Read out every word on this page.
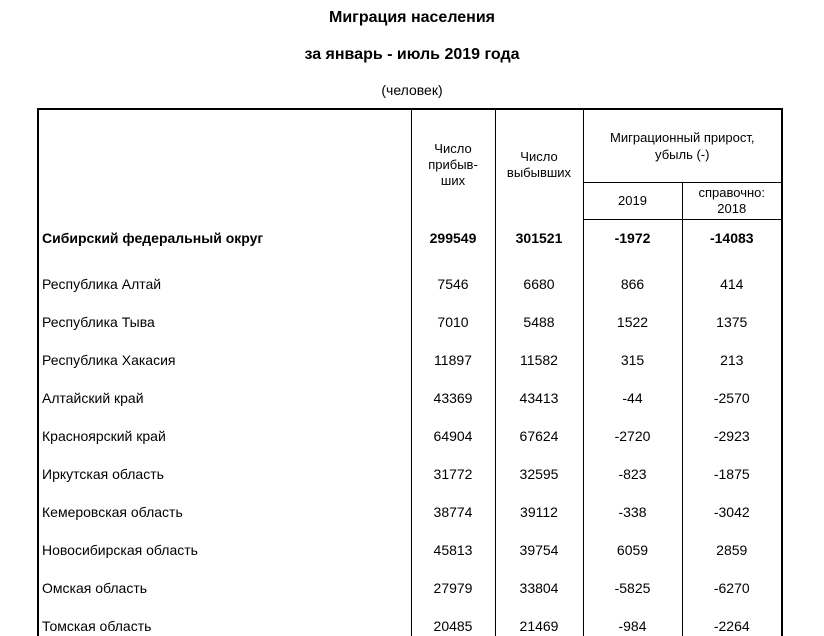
Миграция населения
за январь - июль 2019 года
(человек)

	Число прибыв-ших	Число выбывших	Миграционный прирост, убыль (-)	

			2019	справочно: 2018

Сибирский федеральный округ	299549	301521	-1972	-14083
Республика Алтай	7546	6680	866	414
Республика Тыва	7010	5488	1522	1375
Республика Хакасия	11897	11582	315	213
Алтайский край	43369	43413	-44	-2570
Красноярский край	64904	67624	-2720	-2923
Иркутская область	31772	32595	-823	-1875
Кемеровская область	38774	39112	-338	-3042
Новосибирская область	45813	39754	6059	2859
Омская область	27979	33804	-5825	-6270
Томская область	20485	21469	-984	-2264
